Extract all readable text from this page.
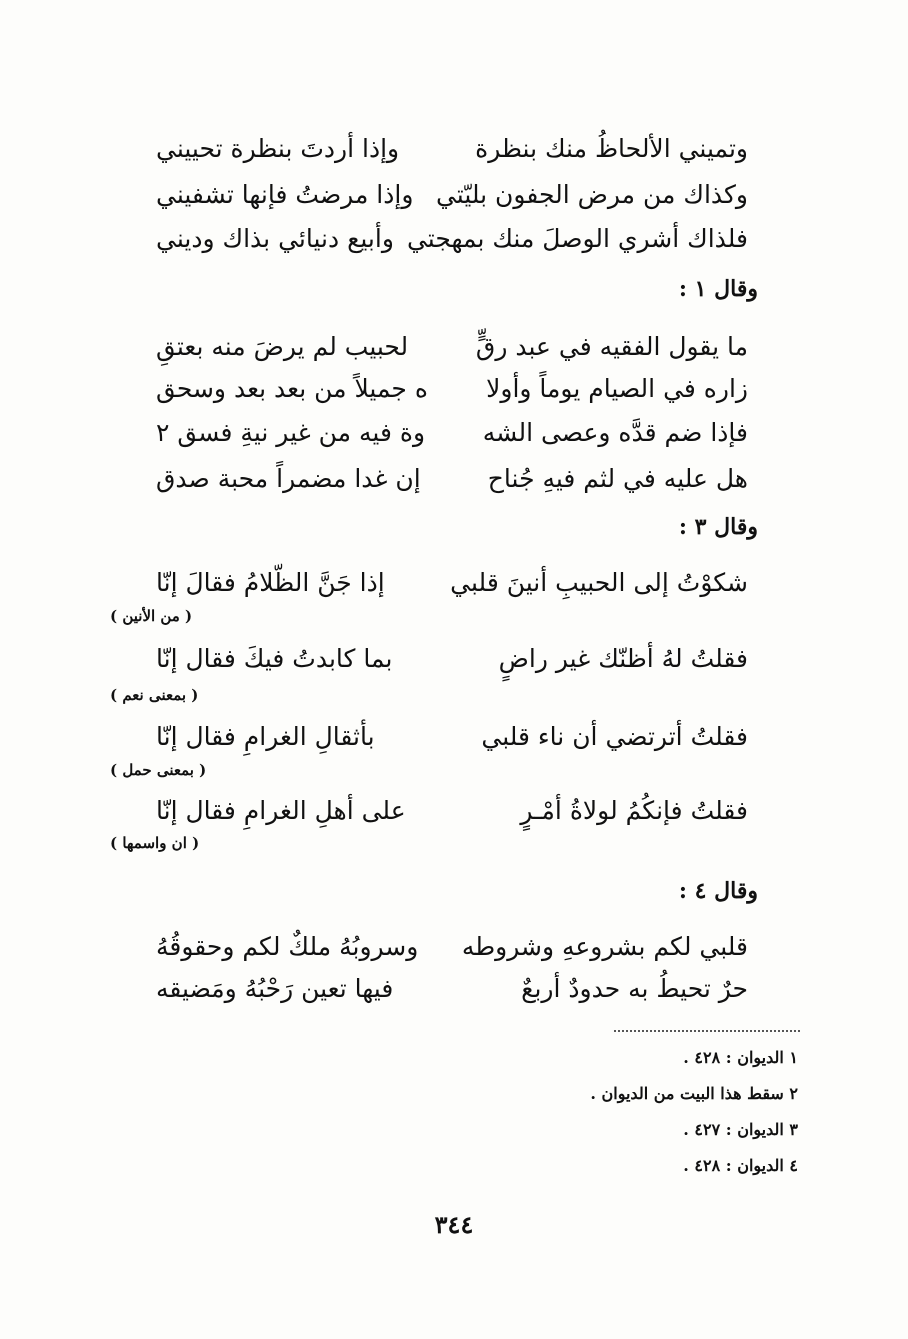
وتميني الألحاظُ منك بنظرة
وإذا أردتَ بنظرة تحييني
وكذاك من مرض الجفون بليّتي
وإذا مرضتُ فإنها تشفيني
فلذاك أشري الوصلَ منك بمهجتي
وأبيع دنيائي بذاك وديني
وقال ١ :
ما يقول الفقيه في عبد رقٍّ
لحبيب لم يرضَ منه بعتقِ
زاره في الصيام يوماً وأولا
ه جميلاً من بعد بعد وسحق
فإذا ضم قدَّه وعصى الشه
وة فيه من غير نيةِ فسق ٢
هل عليه في لثم فيهِ جُناح
إن غدا مضمراً محبة صدق
وقال ٣ :
شكوْتُ إلى الحبيبِ أنينَ قلبي
إذا جَنَّ الظّلامُ فقالَ إنّا
( من الأنين )
فقلتُ لهُ أظنّك غير راضٍ
بما كابدتُ فيكَ فقال إنّا
( بمعنى نعم )
فقلتُ أترتضي أن ناء قلبي
بأثقالِ الغرامِ فقال إنّا
( بمعنى حمل )
فقلتُ فإنكُمُ لولاةُ أمْـرٍ
على أهلِ الغرامِ فقال إنّا
( ان واسمها )
وقال ٤ :
قلبي لكم بشروعهِ وشروطه
وسروبُهُ ملكٌ لكم وحقوقُهُ
حرٌ تحيطُ به حدودٌ أربعٌ
فيها تعين رَحْبُهُ ومَضيقه
١ الديوان : ٤٢٨ .
٢ سقط هذا البيت من الديوان .
٣ الديوان : ٤٢٧ .
٤ الديوان : ٤٢٨ .
٣٤٤
